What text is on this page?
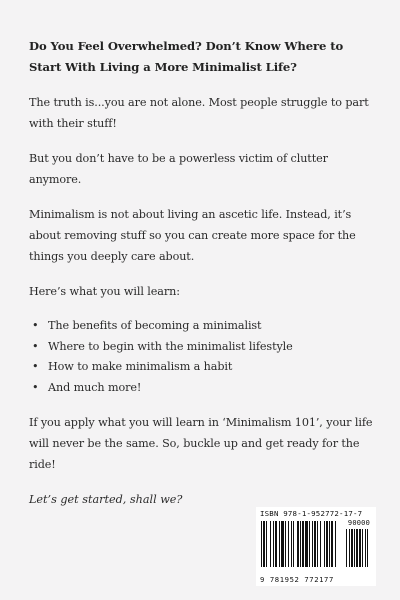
Do You Feel Overwhelmed? Don’t Know Where to Start With Living a More Minimalist Life?

The truth is...you are not alone. Most people struggle to part with their stuff!

But you don’t have to be a powerless victim of clutter anymore.

Minimalism is not about living an ascetic life. Instead, it’s about removing stuff so you can create more space for the things you deeply care about.

Here’s what you will learn:

• The benefits of becoming a minimalist
• Where to begin with the minimalist lifestyle
• How to make minimalism a habit
• And much more!

If you apply what you will learn in ‘Minimalism 101’, your life will never be the same. So, buckle up and get ready for the ride!

Let’s get started, shall we?

ISBN 978-1-952772-17-7
90000
9 781952 772177
